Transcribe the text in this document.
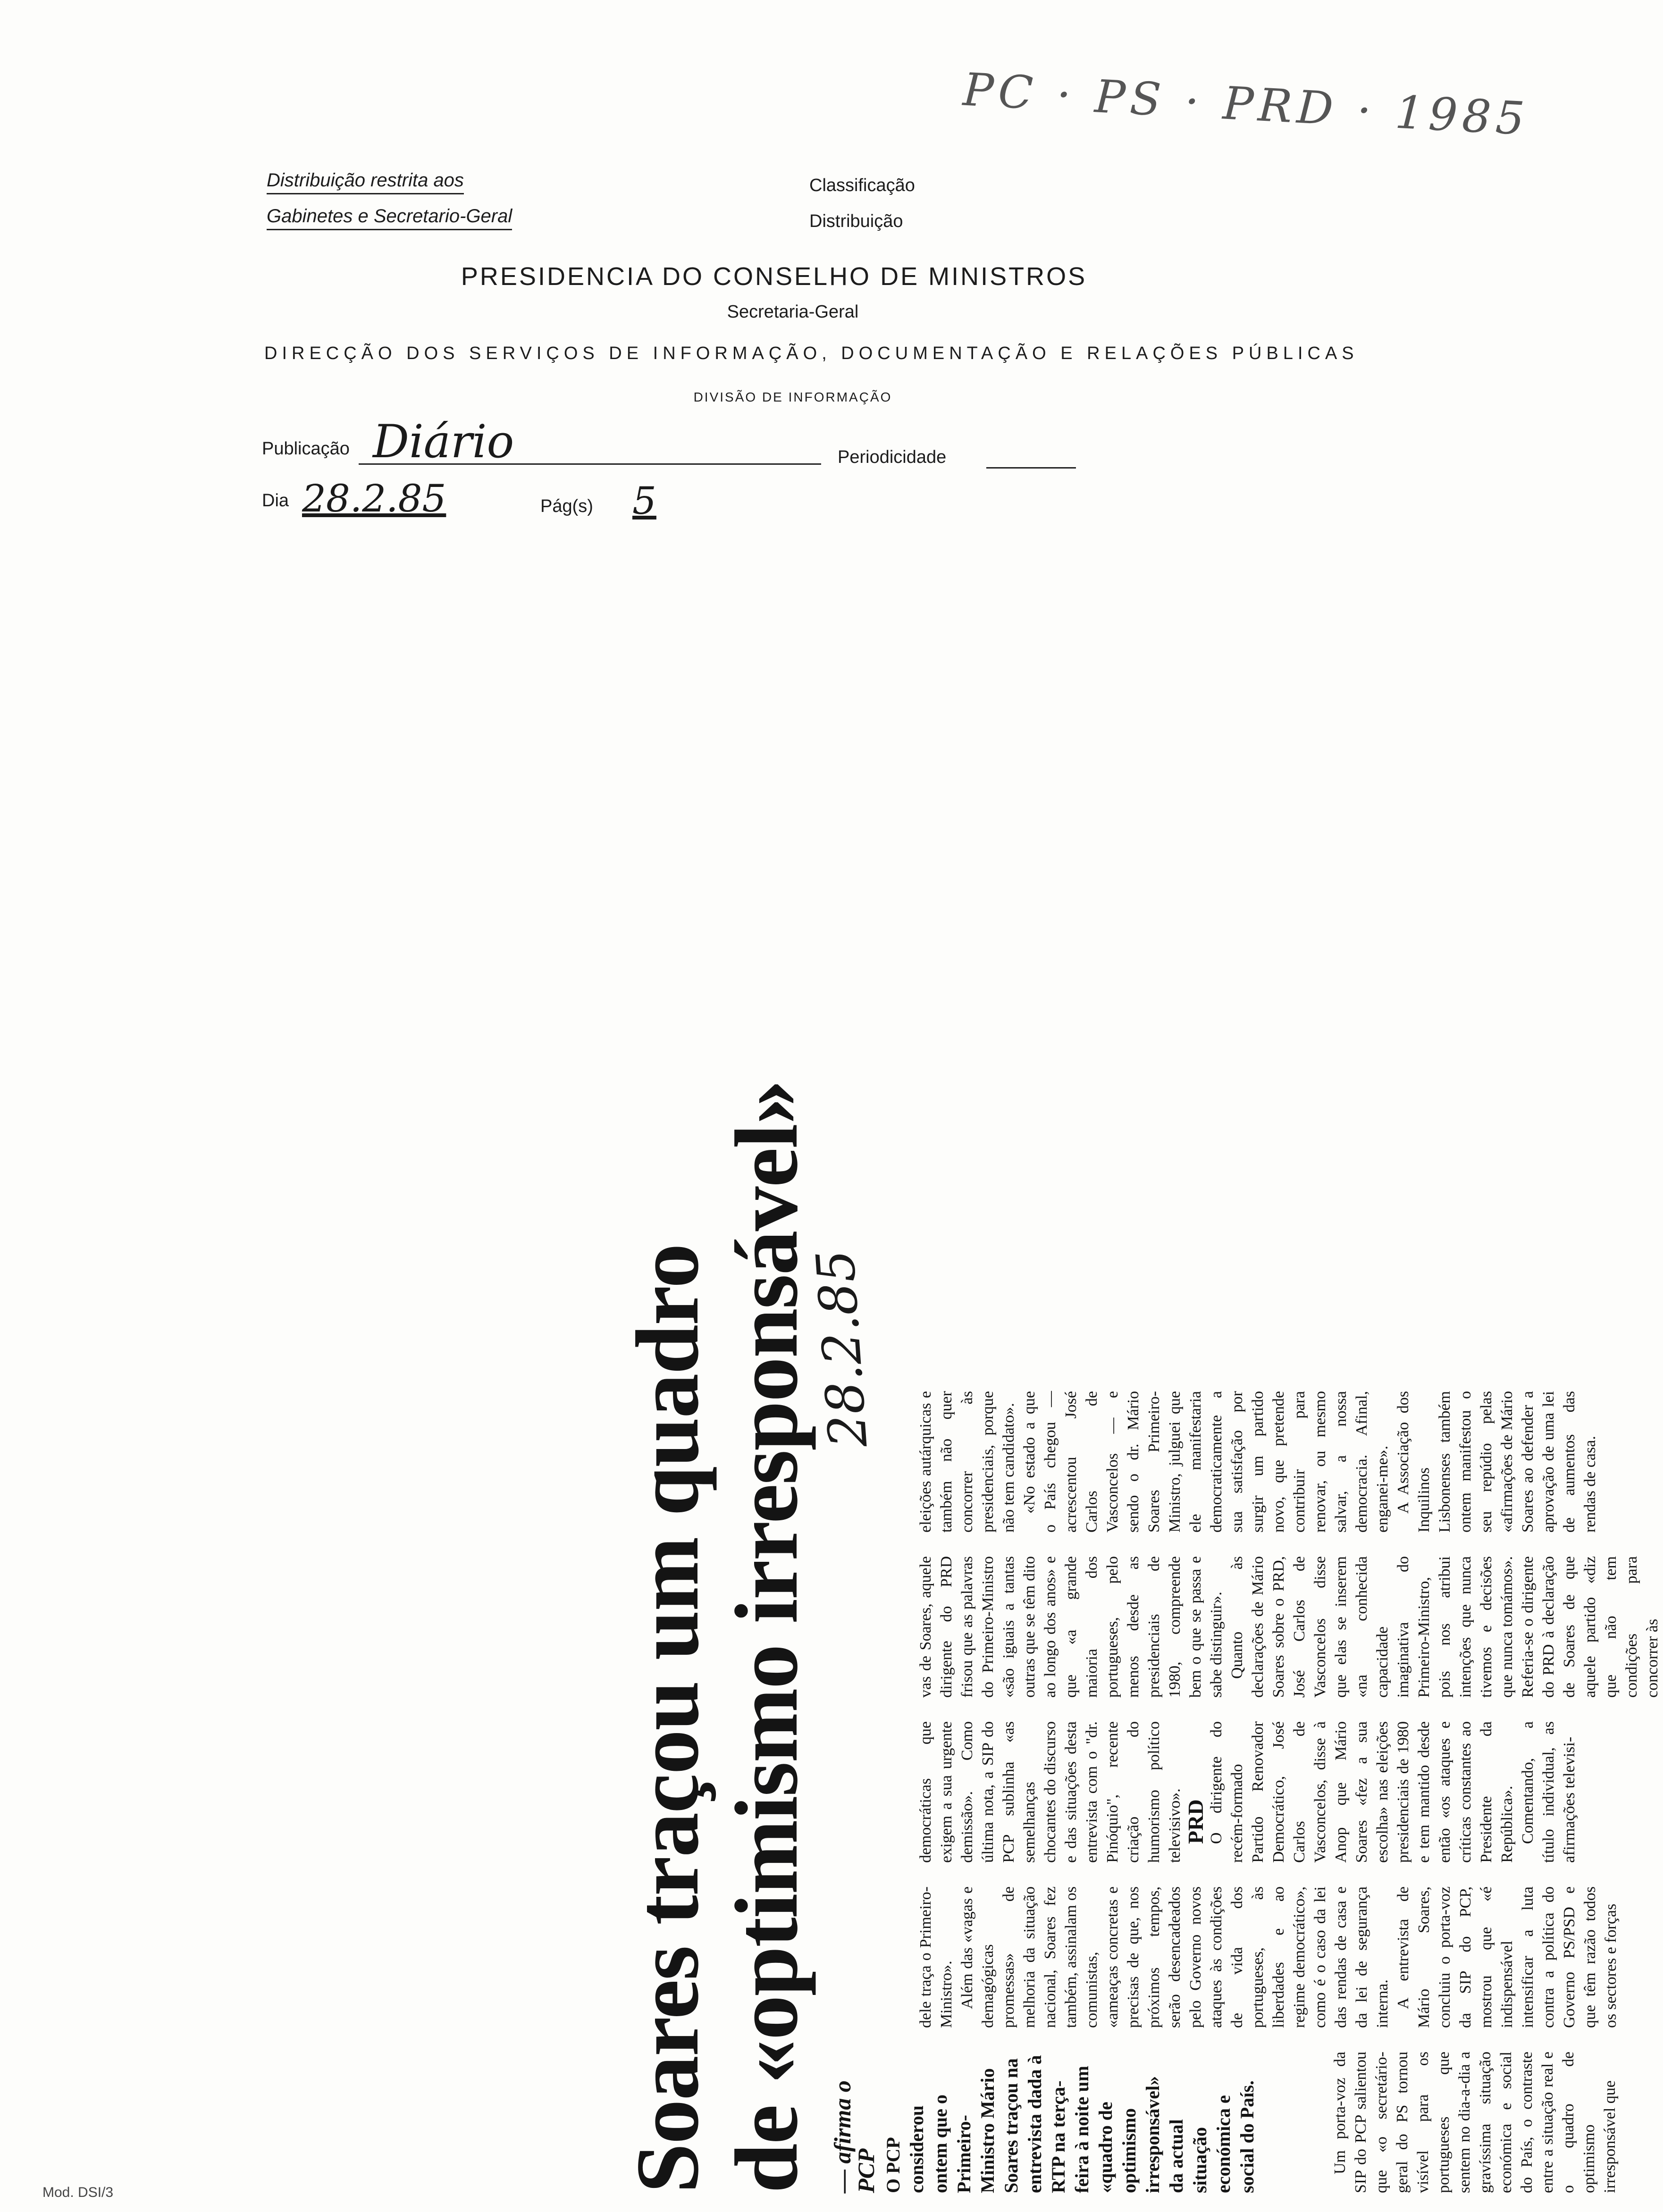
PC · PS · PRD · 1985
Distribuição restrita aos
Gabinetes e Secretario-Geral
Classificação
Distribuição
PRESIDENCIA DO CONSELHO DE MINISTROS
Secretaria-Geral
DIRECÇÃO DOS SERVIÇOS DE INFORMAÇÃO, DOCUMENTAÇÃO E RELAÇÕES PÚBLICAS
DIVISÃO DE INFORMAÇÃO
Publicação Diário	Periodicidade
Dia 28.2.85	Pág(s) 5
Soares traçou um quadro de «optimismo irresponsável»
28.2.85
— afirma o PCP O PCP considerou ontem que o Primeiro-Ministro Mário Soares traçou na entrevista dada à RTP na terça-feira à noite um «quadro de optimismo irresponsável» da actual situação económica e social do País.	Um porta-voz da SIP do PCP salientou que «o secretário-geral do PS tornou visível para os portugueses que sentem no dia-a-dia a gravíssima situação económica e social do País, o contraste entre a situação real e o quadro de optimismo irresponsável que

dele traça o Primeiro-Ministro». Além das «vagas e demagógicas promessas» de melhoria da situação nacional, Soares fez também, assinalam os comunistas, «ameaças concretas e precisas de que, nos próximos tempos, serão desencadeados pelo Governo novos ataques às condições de vida dos portugueses, às liberdades e ao regime democrático», como é o caso da lei das rendas de casa e da lei de segurança interna. A entrevista de Mário Soares, concluiu o porta-voz da SIP do PCP, mostrou que «é indispensável intensificar a luta contra a política do Governo PS/PSD e que têm razão todos os sectores e forças

democráticas que exigem a sua urgente demissão». Como última nota, a SIP do PCP sublinha «as semelhanças chocantes do discurso e das situações desta entrevista com o "dr. Pinóquio", recente criação do humorismo político televisivo». PRD O dirigente do recém-formado Partido Renovador Democrático, José Carlos de Vasconcelos, disse à Anop que Mário Soares «fez a sua escolha» nas eleições presidenciais de 1980 e tem mantido desde então «os ataques e críticas constantes ao Presidente da República». Comentando, a título individual, as afirmações televisi-

vas de Soares, aquele dirigente do PRD frisou que as palavras do Primeiro-Ministro «são iguais a tantas outras que se têm dito ao longo dos anos» e que «a grande maioria dos portugueses, pelo menos desde as presidenciais de 1980, compreende bem o que se passa e sabe distinguir». Quanto às declarações de Mário Soares sobre o PRD, José Carlos de Vasconcelos disse que elas se inserem «na conhecida capacidade imaginativa do Primeiro-Ministro, pois nos atribui intenções que nunca tivemos e decisões que nunca tomámos». Referia-se o dirigente do PRD à declaração de Soares de que aquele partido «diz que não tem condições para concorrer às

eleições autárquicas e também não quer concorrer às presidenciais, porque não tem candidato». «No estado a que o País chegou — acrescentou José Carlos de Vasconcelos — e sendo o dr. Mário Soares Primeiro-Ministro, julguei que ele manifestaria democraticamente a sua satisfação por surgir um partido novo, que pretende contribuir para renovar, ou mesmo salvar, a nossa democracia. Afinal, enganei-me». A Associação dos Inquilinos Lisbonenses também ontem manifestou o seu repúdio pelas «afirmações de Mário Soares ao defender a aprovação de uma lei de aumentos das rendas de casa.

Mod. DSI/3
